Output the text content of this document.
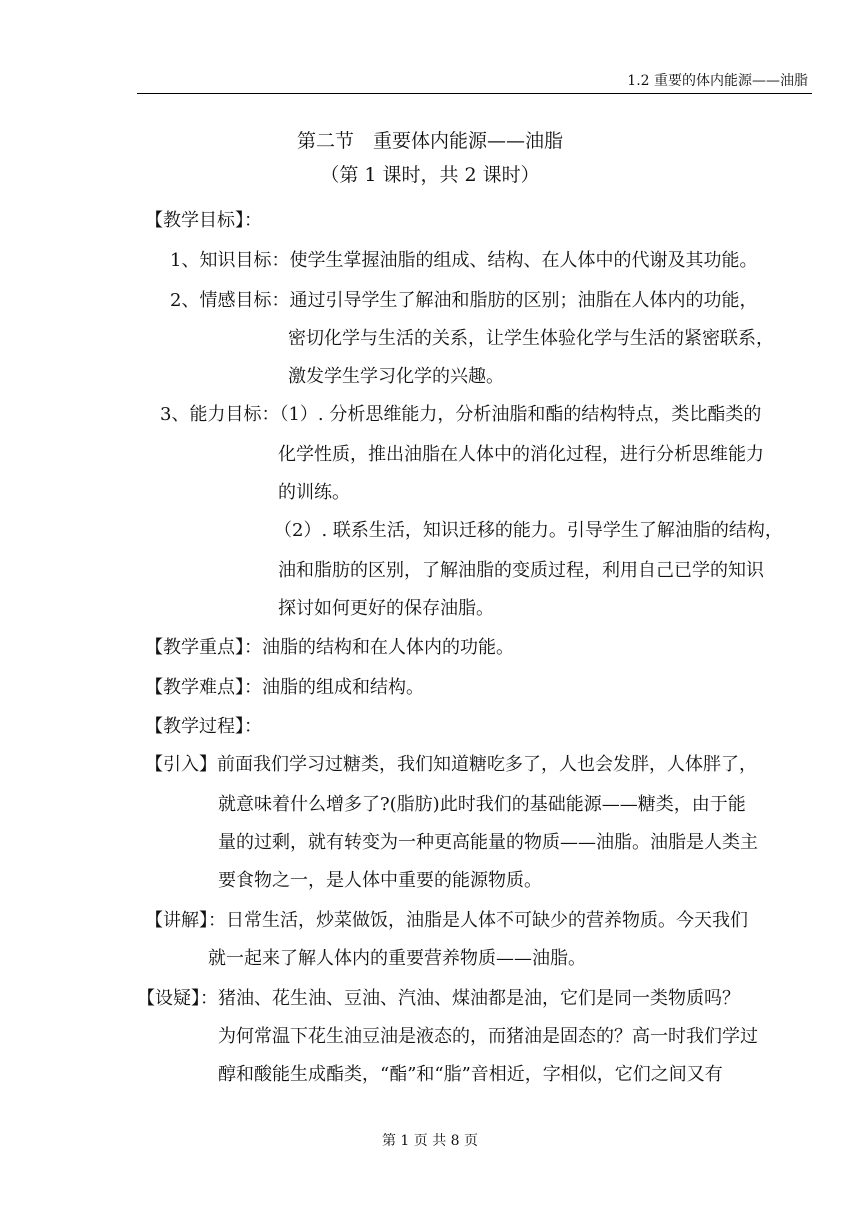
1.2 重要的体内能源——油脂
第二节　重要体内能源——油脂
（第 1 课时，共 2 课时）
【教学目标】：
1、知识目标：使学生掌握油脂的组成、结构、在人体中的代谢及其功能。
2、情感目标：通过引导学生了解油和脂肪的区别；油脂在人体内的功能，
密切化学与生活的关系，让学生体验化学与生活的紧密联系，
激发学生学习化学的兴趣。
3、能力目标：（1）. 分析思维能力，分析油脂和酯的结构特点，类比酯类的
化学性质，推出油脂在人体中的消化过程，进行分析思维能力
的训练。
（2）. 联系生活，知识迁移的能力。引导学生了解油脂的结构，
油和脂肪的区别，了解油脂的变质过程，利用自己已学的知识
探讨如何更好的保存油脂。
【教学重点】：油脂的结构和在人体内的功能。
【教学难点】：油脂的组成和结构。
【教学过程】：
【引入】前面我们学习过糖类，我们知道糖吃多了，人也会发胖，人体胖了，
就意味着什么增多了?(脂肪)此时我们的基础能源——糖类，由于能
量的过剩，就有转变为一种更高能量的物质——油脂。油脂是人类主
要食物之一，是人体中重要的能源物质。
【讲解】：日常生活，炒菜做饭，油脂是人体不可缺少的营养物质。今天我们
就一起来了解人体内的重要营养物质——油脂。
【设疑】：猪油、花生油、豆油、汽油、煤油都是油，它们是同一类物质吗？
为何常温下花生油豆油是液态的，而猪油是固态的？高一时我们学过
醇和酸能生成酯类，“酯”和“脂”音相近，字相似，它们之间又有
第 1 页 共 8 页
